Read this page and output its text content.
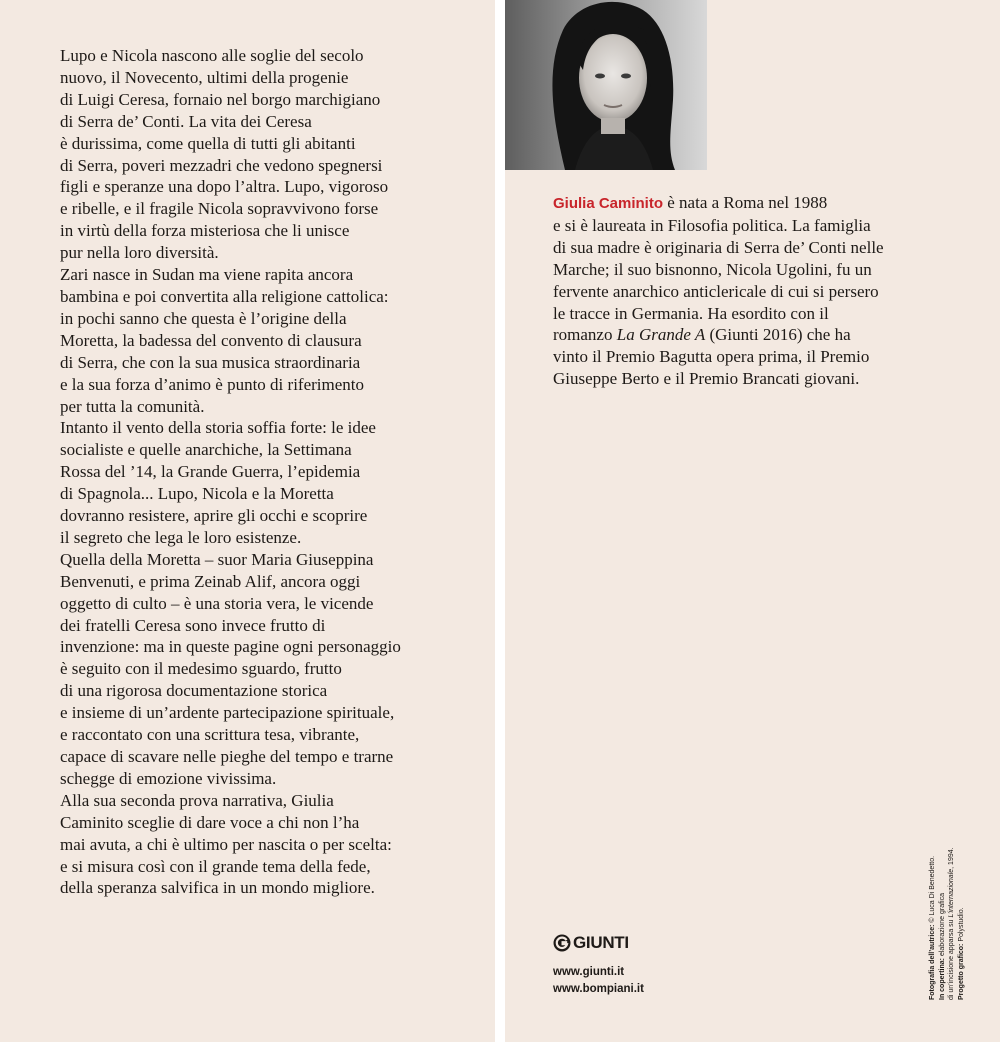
Lupo e Nicola nascono alle soglie del secolo
nuovo, il Novecento, ultimi della progenie
di Luigi Ceresa, fornaio nel borgo marchigiano
di Serra de’ Conti. La vita dei Ceresa
è durissima, come quella di tutti gli abitanti
di Serra, poveri mezzadri che vedono spegnersi
figli e speranze una dopo l’altra. Lupo, vigoroso
e ribelle, e il fragile Nicola sopravvivono forse
in virtù della forza misteriosa che li unisce
pur nella loro diversità.
Zari nasce in Sudan ma viene rapita ancora
bambina e poi convertita alla religione cattolica:
in pochi sanno che questa è l’origine della
Moretta, la badessa del convento di clausura
di Serra, che con la sua musica straordinaria
e la sua forza d’animo è punto di riferimento
per tutta la comunità.
Intanto il vento della storia soffia forte: le idee
socialiste e quelle anarchiche, la Settimana
Rossa del ’14, la Grande Guerra, l’epidemia
di Spagnola... Lupo, Nicola e la Moretta
dovranno resistere, aprire gli occhi e scoprire
il segreto che lega le loro esistenze.
Quella della Moretta – suor Maria Giuseppina
Benvenuti, e prima Zeinab Alif, ancora oggi
oggetto di culto – è una storia vera, le vicende
dei fratelli Ceresa sono invece frutto di
invenzione: ma in queste pagine ogni personaggio
è seguito con il medesimo sguardo, frutto
di una rigorosa documentazione storica
e insieme di un’ardente partecipazione spirituale,
e raccontato con una scrittura tesa, vibrante,
capace di scavare nelle pieghe del tempo e trarne
schegge di emozione vivissima.
Alla sua seconda prova narrativa, Giulia
Caminito sceglie di dare voce a chi non l’ha
mai avuta, a chi è ultimo per nascita o per scelta:
e si misura così con il grande tema della fede,
della speranza salvifica in un mondo migliore.
Giulia Caminito è nata a Roma nel 1988
e si è laureata in Filosofia politica. La famiglia
di sua madre è originaria di Serra de’ Conti nelle
Marche; il suo bisnonno, Nicola Ugolini, fu un
fervente anarchico anticlericale di cui si persero
le tracce in Germania. Ha esordito con il
romanzo La Grande A (Giunti 2016) che ha
vinto il Premio Bagutta opera prima, il Premio
Giuseppe Berto e il Premio Brancati giovani.
GIUNTI
www.giunti.it
www.bompiani.it	Fotografia dell’autrice: © Luca Di Benedetto.
In copertina: elaborazione grafica di un’incisione apparsa su L’internazionale, 1994.
Progetto grafico: Polystudio.
